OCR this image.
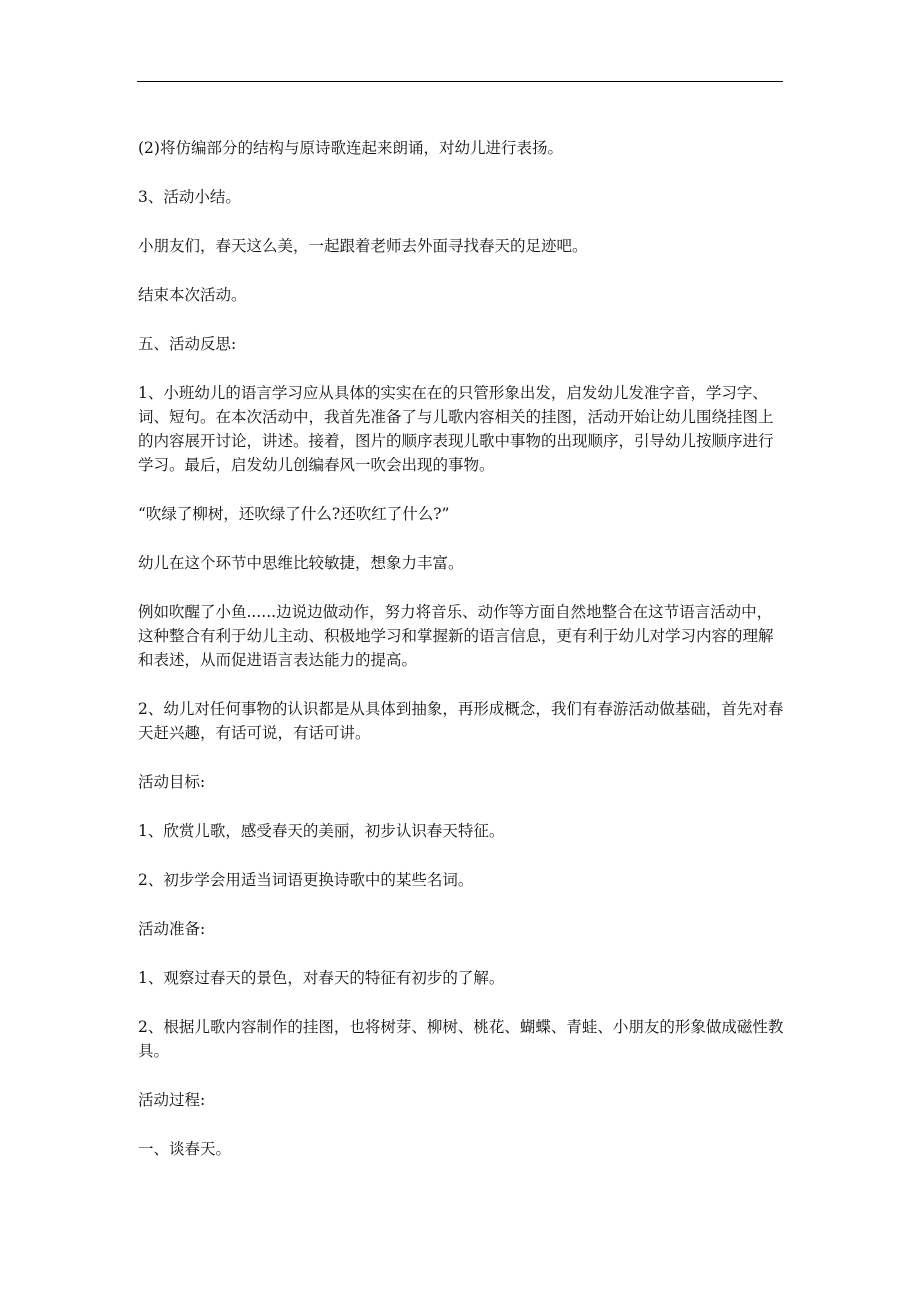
(2)将仿编部分的结构与原诗歌连起来朗诵，对幼儿进行表扬。

3、活动小结。

小朋友们，春天这么美，一起跟着老师去外面寻找春天的足迹吧。

结束本次活动。

五、活动反思:

1、小班幼儿的语言学习应从具体的实实在在的只管形象出发，启发幼儿发准字音，学习字、词、短句。在本次活动中，我首先准备了与儿歌内容相关的挂图，活动开始让幼儿围绕挂图上的内容展开讨论，讲述。接着，图片的顺序表现儿歌中事物的出现顺序，引导幼儿按顺序进行学习。最后，启发幼儿创编春风一吹会出现的事物。

“吹绿了柳树，还吹绿了什么?还吹红了什么?”

幼儿在这个环节中思维比较敏捷，想象力丰富。

例如吹醒了小鱼......边说边做动作，努力将音乐、动作等方面自然地整合在这节语言活动中，这种整合有利于幼儿主动、积极地学习和掌握新的语言信息，更有利于幼儿对学习内容的理解和表述，从而促进语言表达能力的提高。

2、幼儿对任何事物的认识都是从具体到抽象，再形成概念，我们有春游活动做基础，首先对春天赶兴趣，有话可说，有话可讲。

活动目标:

1、欣赏儿歌，感受春天的美丽，初步认识春天特征。

2、初步学会用适当词语更换诗歌中的某些名词。

活动准备:

1、观察过春天的景色，对春天的特征有初步的了解。

2、根据儿歌内容制作的挂图，也将树芽、柳树、桃花、蝴蝶、青蛙、小朋友的形象做成磁性教具。

活动过程:

一、谈春天。
